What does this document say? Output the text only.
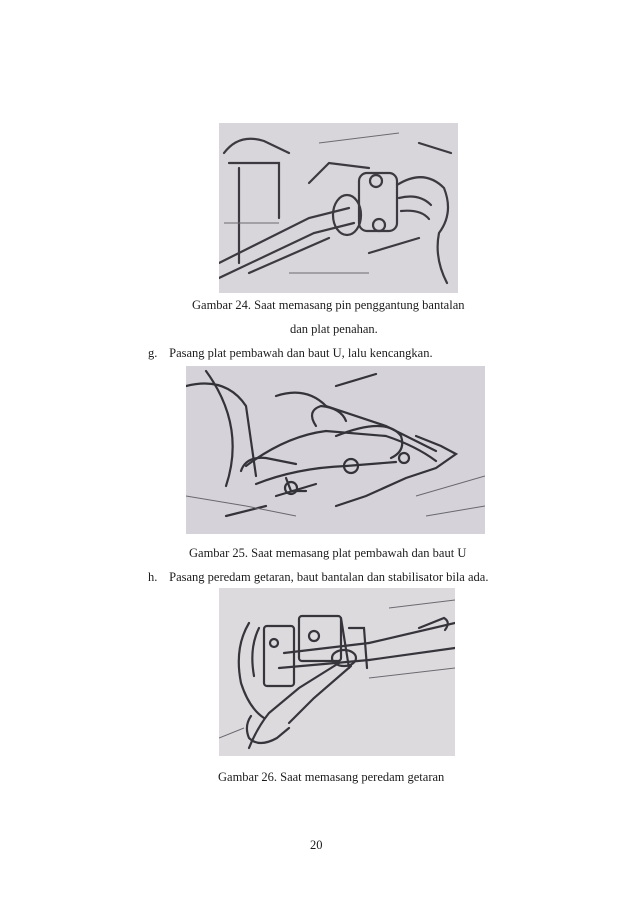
Gambar 24. Saat memasang pin penggantung bantalan
dan plat penahan.
g. Pasang plat pembawah dan baut U, lalu kencangkan.
Gambar 25. Saat memasang plat pembawah dan baut U
h. Pasang peredam getaran, baut bantalan dan stabilisator bila ada.
Gambar 26. Saat memasang peredam getaran
20
